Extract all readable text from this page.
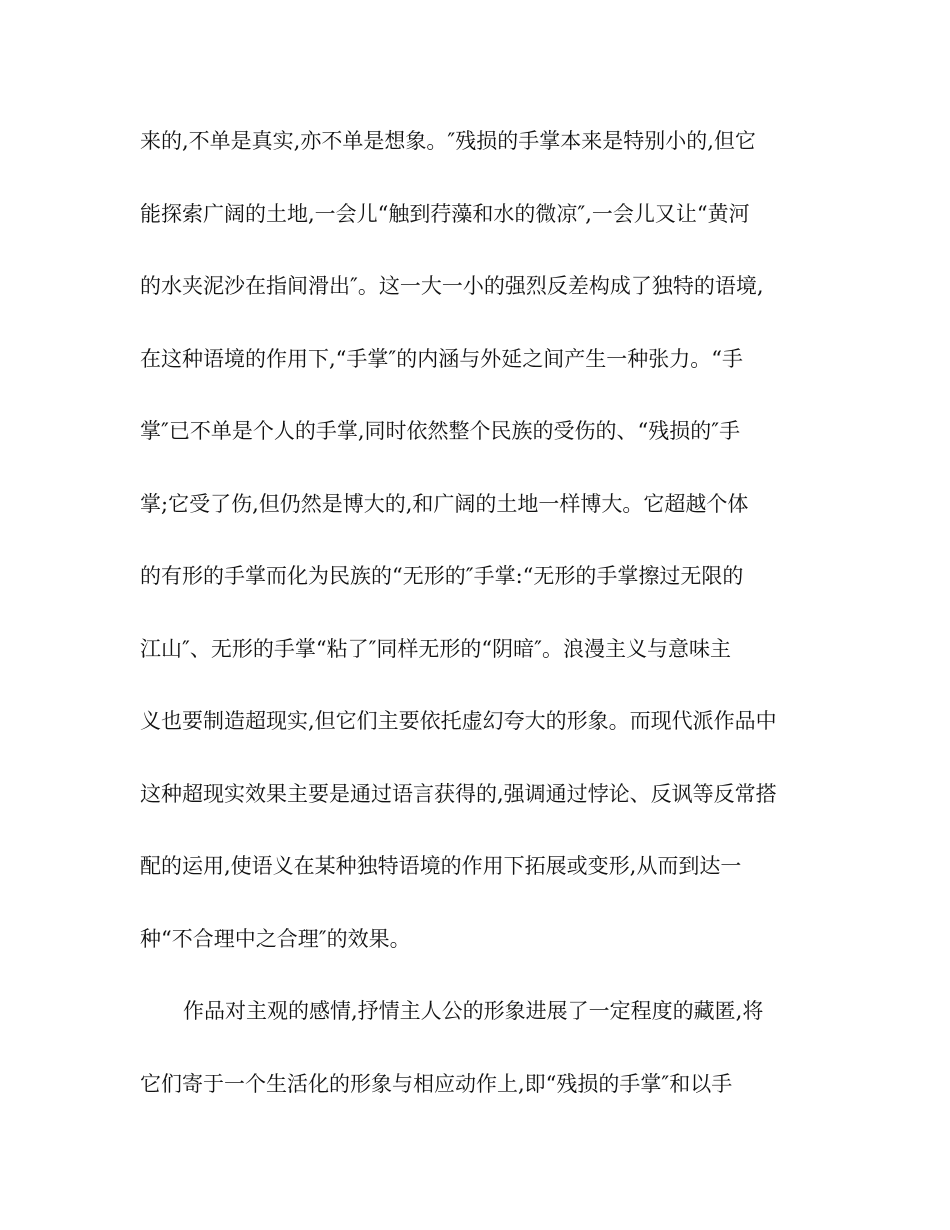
来的,不单是真实,亦不单是想象。″残损的手掌本来是特别小的,但它
能探索广阔的土地,一会儿“触到荇藻和水的微凉″,一会儿又让“黄河
的水夹泥沙在指间滑出″。这一大一小的强烈反差构成了独特的语境,
在这种语境的作用下,“手掌″的内涵与外延之间产生一种张力。“手
掌″已不单是个人的手掌,同时依然整个民族的受伤的、“残损的″手
掌;它受了伤,但仍然是博大的,和广阔的土地一样博大。它超越个体
的有形的手掌而化为民族的“无形的″手掌:“无形的手掌擦过无限的
江山″、无形的手掌“粘了″同样无形的“阴暗″。浪漫主义与意味主
义也要制造超现实,但它们主要依托虚幻夸大的形象。而现代派作品中
这种超现实效果主要是通过语言获得的,强调通过悖论、反讽等反常搭
配的运用,使语义在某种独特语境的作用下拓展或变形,从而到达一
种“不合理中之合理″的效果。
作品对主观的感情,抒情主人公的形象进展了一定程度的藏匿,将
它们寄于一个生活化的形象与相应动作上,即“残损的手掌″和以手
